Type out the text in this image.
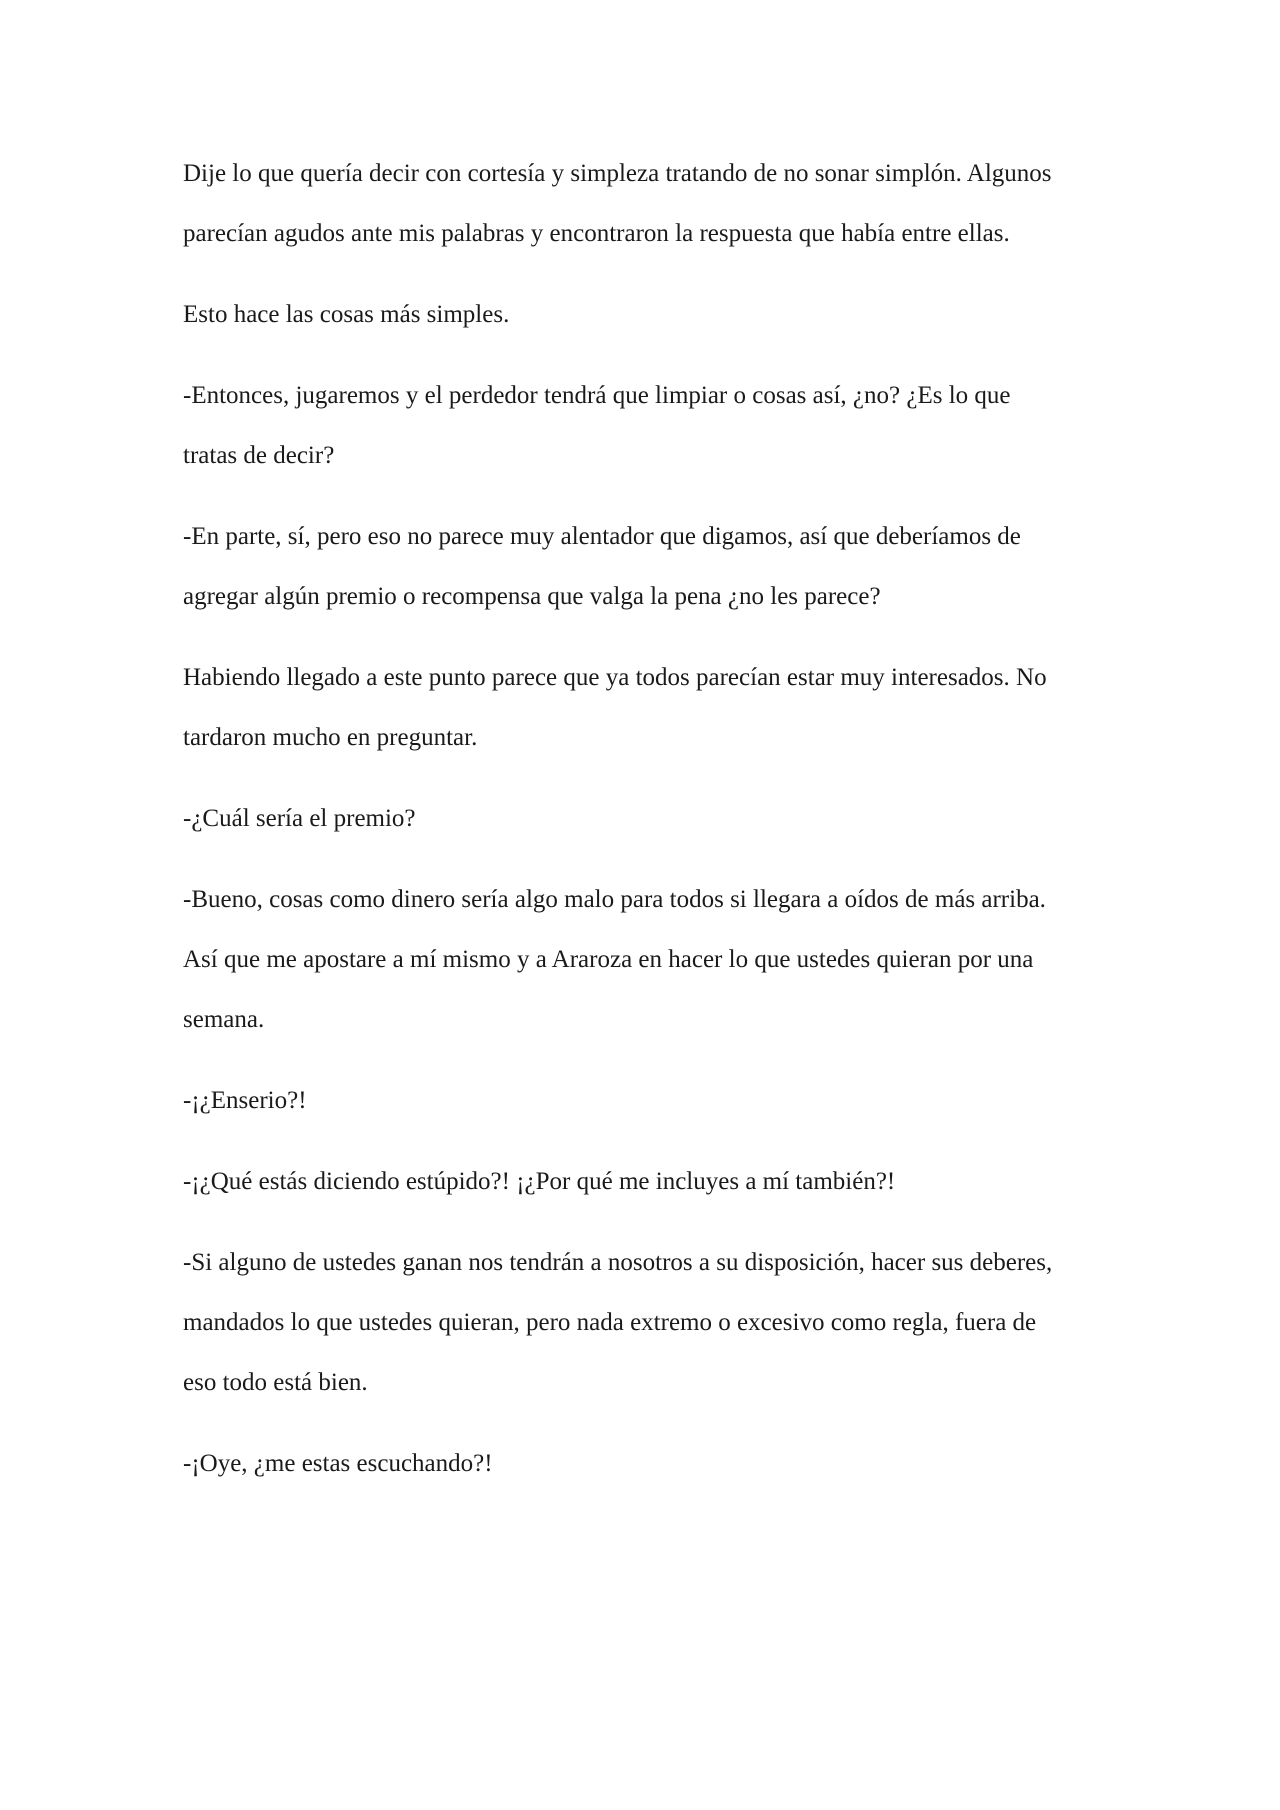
Dije lo que quería decir con cortesía y simpleza tratando de no sonar simplón. Algunos
parecían agudos ante mis palabras y encontraron la respuesta que había entre ellas.

Esto hace las cosas más simples.

-Entonces, jugaremos y el perdedor tendrá que limpiar o cosas así, ¿no? ¿Es lo que
tratas de decir?

-En parte, sí, pero eso no parece muy alentador que digamos, así que deberíamos de
agregar algún premio o recompensa que valga la pena ¿no les parece?

Habiendo llegado a este punto parece que ya todos parecían estar muy interesados. No
tardaron mucho en preguntar.

-¿Cuál sería el premio?

-Bueno, cosas como dinero sería algo malo para todos si llegara a oídos de más arriba.
Así que me apostare a mí mismo y a Araroza en hacer lo que ustedes quieran por una
semana.

-¡¿Enserio?!

-¡¿Qué estás diciendo estúpido?! ¡¿Por qué me incluyes a mí también?!

-Si alguno de ustedes ganan nos tendrán a nosotros a su disposición, hacer sus deberes,
mandados lo que ustedes quieran, pero nada extremo o excesivo como regla, fuera de
eso todo está bien.

-¡Oye, ¿me estas escuchando?!
